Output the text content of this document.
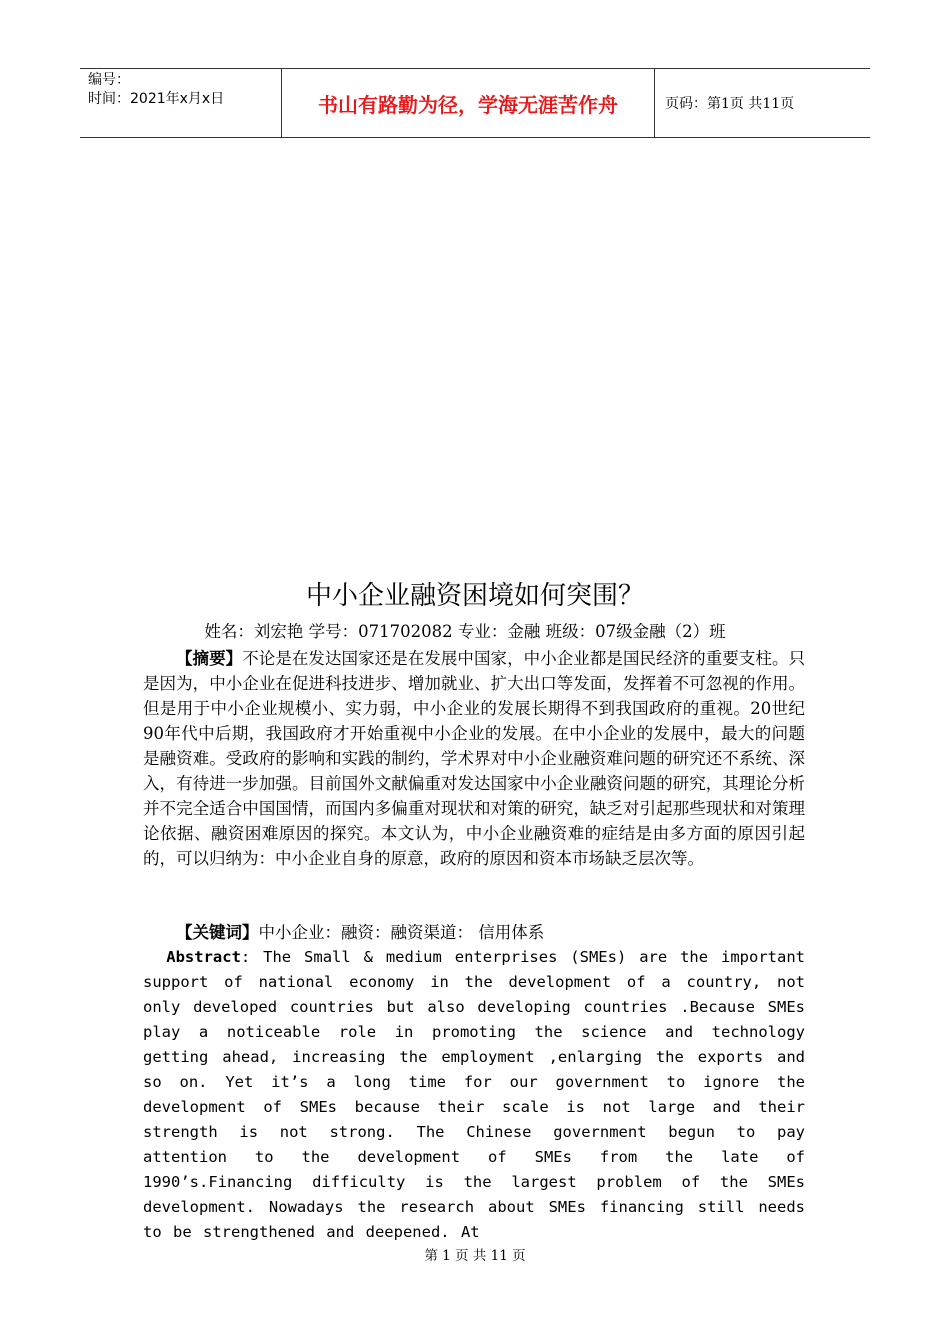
编号：
时间：2021年x月x日	书山有路勤为径，学海无涯苦作舟	页码：第1页 共11页
中小企业融资困境如何突围？
姓名：刘宏艳 学号：071702082 专业：金融 班级：07级金融（2）班
【摘要】不论是在发达国家还是在发展中国家，中小企业都是国民经济的重要支柱。只是因为，中小企业在促进科技进步、增加就业、扩大出口等发面，发挥着不可忽视的作用。但是用于中小企业规模小、实力弱，中小企业的发展长期得不到我国政府的重视。20世纪90年代中后期，我国政府才开始重视中小企业的发展。在中小企业的发展中，最大的问题是融资难。受政府的影响和实践的制约，学术界对中小企业融资难问题的研究还不系统、深入，有待进一步加强。目前国外文献偏重对发达国家中小企业融资问题的研究，其理论分析并不完全适合中国国情，而国内多偏重对现状和对策的研究，缺乏对引起那些现状和对策理论依据、融资困难原因的探究。本文认为，中小企业融资难的症结是由多方面的原因引起的，可以归纳为：中小企业自身的原意，政府的原因和资本市场缺乏层次等。
【关键词】中小企业：融资：融资渠道： 信用体系
Abstract: The Small & medium enterprises (SMEs) are the important support of national economy in the development of a country, not only developed countries but also developing countries .Because SMEs play a noticeable role in promoting the science and technology getting ahead, increasing the employment ,enlarging the exports and so on. Yet it’s a long time for our government to ignore the development of SMEs because their scale is not large and their strength is not strong. The Chinese government begun to pay attention to the development of SMEs from the late of 1990’s.Financing difficulty is the largest problem of the SMEs development. Nowadays the research about SMEs financing still needs to be strengthened and deepened. At
第 1 页 共 11 页
